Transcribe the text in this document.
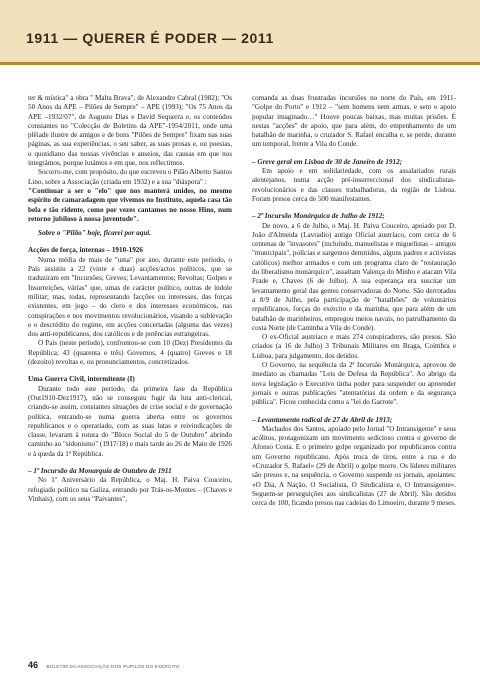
1911 — QUERER É PODER — 2011

ter & mística" a obra " Malta Brava", de Alexandre Cabral (1982); "Os 50 Anos da APE – Pilões de Sempre" – APE (1993); "Os 75 Anos da APE –1932/07", de Augusto Dias e David Sequerra e, os conteúdos constantes no "Colecção de Boletins da APE"-1954/2011, onde uma plêiade ilustre de amigos e de bons "Pilões de Sempre" fixam nas suas páginas, as sua experiências, o seu saber, as suas prosas e, ou poesias, o quotidiano das nossas vivências e anseios, das causas em que nos integrámos, porque lutámos e em que, nos reflectimos.

Socorro-me, com propósito, do que escreveu o Pilão Alberto Santos Lino, sobre a Associação (criada em 1932) e a sua "diáspora" :

"Continuar a ser o "elo" que nos manterá unidos, no mesmo espírito de camaradagem que vivemos no Instituto, aquela casa tão bela e tão ridente, como por vezes cantamos no nosso Hino, num retorno jubiloso à nossa juventude".

Sobre o "Pilão" hoje, ficarei por aqui.

Acções de força, internas – 1910-1926

Numa média de mais de "uma" por ano, durante este período, o País assistiu a 22 (vinte e duas) acções/actos políticos, que se traduziram em "Incursões; Greves; Levantamentos; Revoltas; Golpes e Insurreições, várias" que, umas de carácter político, outras de índole militar; mas, todas, representando facções ou interesses, das forças existentes, em jogo – do clero e dos interesses económicos, nas conspirações e nos movimentos revolucionários, visando a sublevação e o descrédito do regime, em acções concertadas (alguma das vezes) dos anti-republicanos, dos católicos e de potências estrangeiras.

O País (neste período), confrontou-se com 10 (Dez) Presidentes da República; 43 (quarenta e três) Governos, 4 (quatro) Greves e 18 (dezoito) revoltas e, ou pronunciamentos, concretizados.

Uma Guerra Civil, intermitente (I)

Durante todo este período, da primeira fase da República (Out1910-Dez1917), não se conseguiu fugir da luta anti-clerical, criando-se assim, constantes situações de crise social e de governação política, entrando-se numa guerra aberta entre os governos republicanos e o operariado, com as suas lutas e reivindicações de classe, levaram à rotura do "Bloco Social do 5 de Outubro" abrindo caminho ao "sidonismo" (1917/18) e mais tarde ao 26 de Maio de 1926 e à queda da 1ª República.

– 1ª Incursão da Monarquia de Outubro de 1911

No 1º Aniversário da República, o Maj. H. Paiva Couceiro, refugiado político na Galiza, entrando por Trás-os-Montes – (Chaves e Vinhais), com os seus "Paivantes",

comanda as duas frustradas incursões no norte do País, em 1911-"Golpe do Porto" e 1912 – "sem homens nem armas, e sem o apoio popular imaginado…" Houve poucas baixas, mas muitas prisões. É nestas "acções" de apoio, que para além, do empenhamento de um batalhão de marinha, o cruzador S. Rafael encalha e, se perde, durante um temporal, frente a Vila do Conde.

– Greve geral em Lisboa de 30 de Janeiro de 1912;

Em apoio e em solidariedade, com os assalariados rurais alentejanos, numa acção pré-insurreccional dos sindicalistas-revolucionários e das classes trabalhadoras, da região de Lisboa. Foram presos cerca de 500 manifestantes.

– 2ª Incursão Monárquica de Julho de 1912;

De novo, a 6 de Julho, o Maj. H. Paiva Couceiro, apoiado por D. João d'Almeida (Lavradio) antigo Oficial austríaco, com cerca de 6 centenas de "invasores" (incluindo, manuelistas e miguelistas – antigos "municipais", polícias e sargentos demitidos, alguns padres e activistas católicos) melhor armados e com um programa claro de "restauração do liberalismo monárquico", assaltam Valença do Minho e atacam Vila Frade e, Chaves (6 de Julho). A sua esperança era suscitar um levantamento geral das gentes conservadoras do Norte. São derrotados a 8/9 de Julho, pela participação de "batalhões" de voluntários republicanos, forças do exército e da marinha, que para além de um batalhão de marinheiros, empregou meios navais, no patrulhamento da costa Norte (de Caminha a Vila do Conde).

O ex-Oficial austríaco e mais 274 conspiradores, são presos. São criados (a 16 de Julho) 3 Tribunais Militares em Braga, Coimbra e Lisboa, para julgamento, dos detidos.

O Governo, na sequência da 2ª Incursão Monárquica, aprovou de imediato as chamadas "Leis de Defesa da República". Ao abrigo da nova legislação o Executivo tinha poder para suspender ou apreender jornais e outras publicações "atentatórias da ordem e da segurança pública". Ficou conhecida como a "lei do Garrote".

– Levantamento radical de 27 de Abril de 1913;

Machados dos Santos, apoiado pelo Jornal "O Intransigente" e seus acólitos, protagonizam um movimento sedicioso contra o governo de Afonso Costa. E o primeiro golpe organizado por republicanos contra um Governo republicano. Após troca de tiros, entre a rua e do «Cruzador S. Rafael» (29 de Abril) o golpe morre. Os líderes militares são presos e, na sequência, o Governo suspende os jornais, apoiantes: «O Dia, A Nação, O Socialista, O Sindicalista e, O Intransigente». Seguem-se perseguições aos sindicalistas (27 de Abril). São detidos cerca de 100, ficando presos nas cadeias do Limoeiro, durante 9 meses.

46 BOLETIM DA ASSOCIAÇÃO DOS PUPILOS DO EXÉRCITO
